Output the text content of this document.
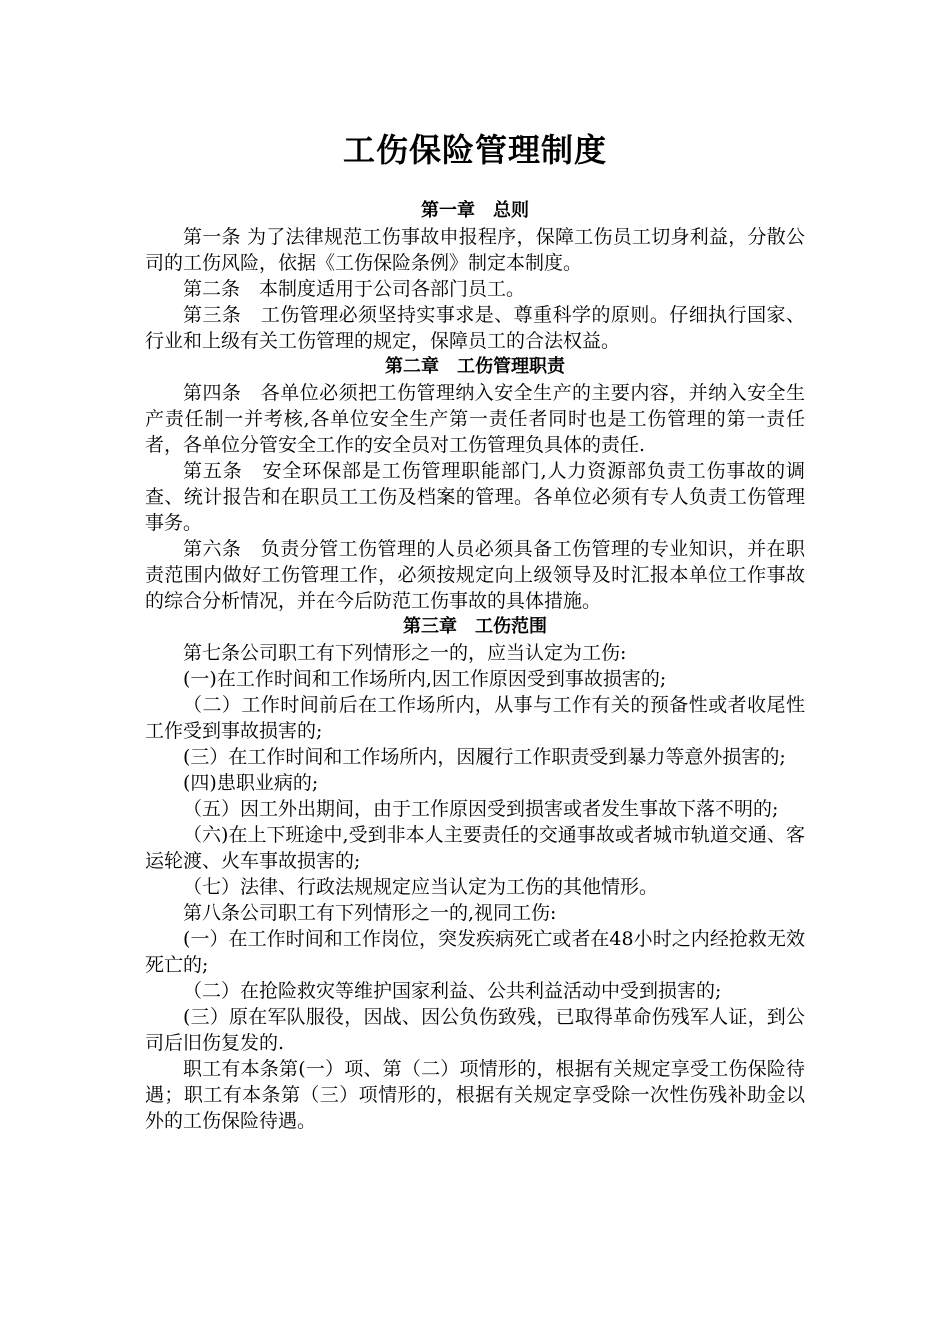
工伤保险管理制度
第一章　总则

第一条 为了法律规范工伤事故申报程序，保障工伤员工切身利益，分散公司的工伤风险，依据《工伤保险条例》制定本制度。

第二条　本制度适用于公司各部门员工。

第三条　工伤管理必须坚持实事求是、尊重科学的原则。仔细执行国家、行业和上级有关工伤管理的规定，保障员工的合法权益。

第二章　工伤管理职责

第四条　各单位必须把工伤管理纳入安全生产的主要内容，并纳入安全生产责任制一并考核,各单位安全生产第一责任者同时也是工伤管理的第一责任者，各单位分管安全工作的安全员对工伤管理负具体的责任.

第五条　安全环保部是工伤管理职能部门,人力资源部负责工伤事故的调查、统计报告和在职员工工伤及档案的管理。各单位必须有专人负责工伤管理事务。

第六条　负责分管工伤管理的人员必须具备工伤管理的专业知识，并在职责范围内做好工伤管理工作，必须按规定向上级领导及时汇报本单位工作事故的综合分析情况，并在今后防范工伤事故的具体措施。

第三章　工伤范围

第七条公司职工有下列情形之一的，应当认定为工伤:

(一)在工作时间和工作场所内,因工作原因受到事故损害的;

（二）工作时间前后在工作场所内，从事与工作有关的预备性或者收尾性工作受到事故损害的;

(三）在工作时间和工作场所内，因履行工作职责受到暴力等意外损害的;

(四)患职业病的;

（五）因工外出期间，由于工作原因受到损害或者发生事故下落不明的;

（六)在上下班途中,受到非本人主要责任的交通事故或者城市轨道交通、客运轮渡、火车事故损害的;

（七）法律、行政法规规定应当认定为工伤的其他情形。

第八条公司职工有下列情形之一的,视同工伤:

(一）在工作时间和工作岗位，突发疾病死亡或者在48小时之内经抢救无效死亡的;

（二）在抢险救灾等维护国家利益、公共利益活动中受到损害的;

(三）原在军队服役，因战、因公负伤致残，已取得革命伤残军人证，到公司后旧伤复发的.

职工有本条第(一）项、第（二）项情形的，根据有关规定享受工伤保险待遇；职工有本条第（三）项情形的，根据有关规定享受除一次性伤残补助金以外的工伤保险待遇。
